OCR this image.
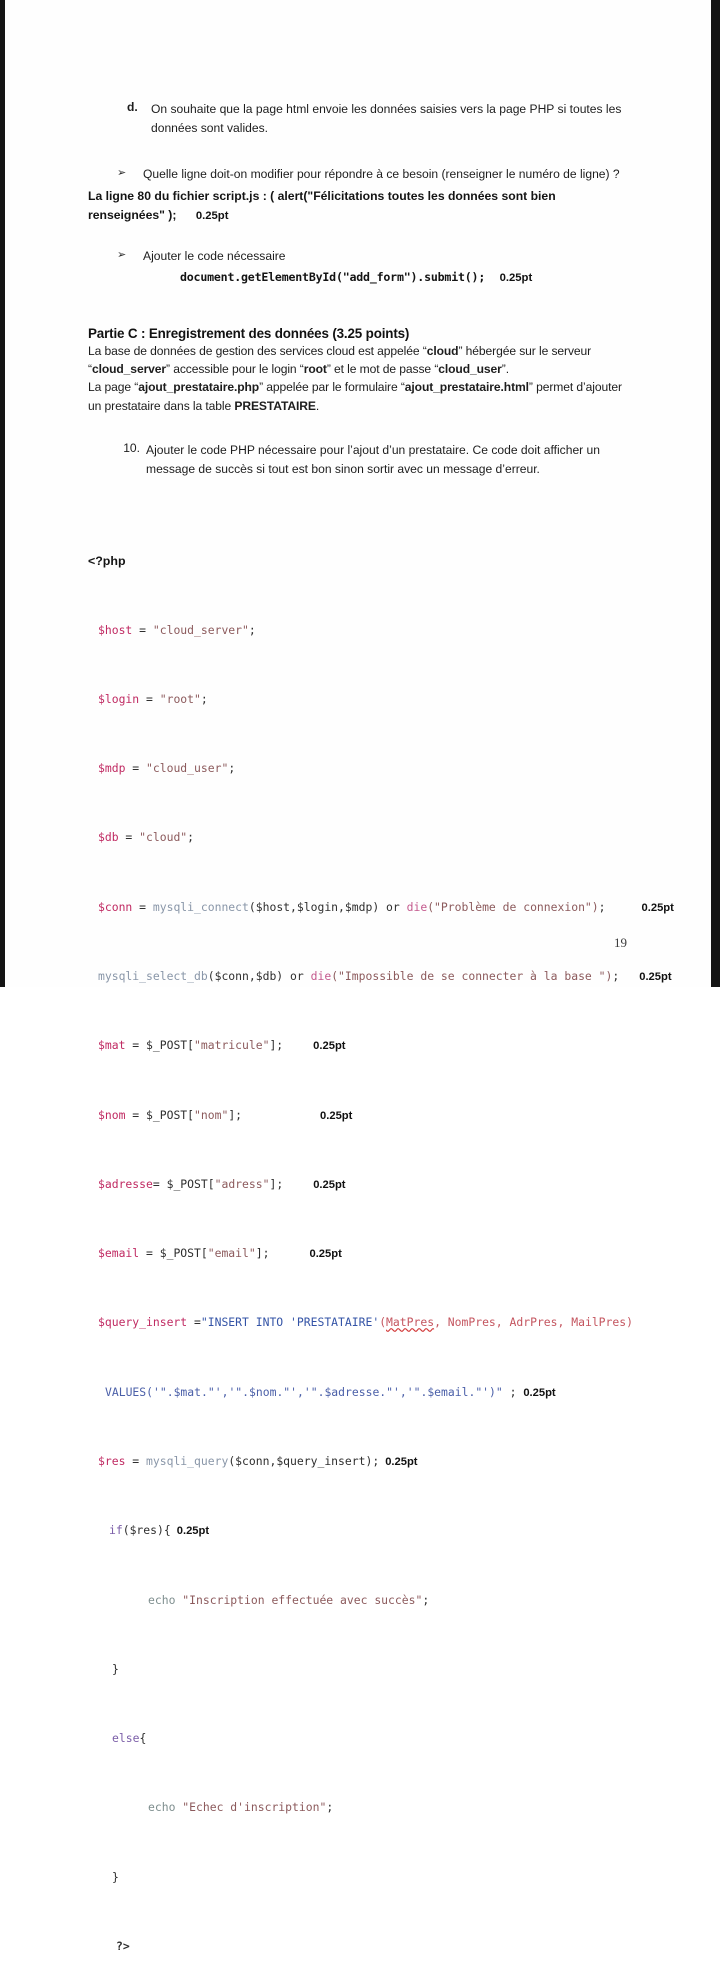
d.	On souhaite que la page html envoie les données saisies vers la page PHP si toutes les données sont valides.
➢	Quelle ligne doit-on modifier pour répondre à ce besoin (renseigner le numéro de ligne) ?
La ligne 80 du fichier script.js : ( alert("Félicitations toutes les données sont bien renseignées" ); 0.25pt
➢	Ajouter le code nécessaire
document.getElementById("add_form").submit(); 0.25pt
Partie C : Enregistrement des données (3.25 points)
La base de données de gestion des services cloud est appelée “cloud” hébergée sur le serveur “cloud_server” accessible pour le login “root” et le mot de passe “cloud_user”.
La page “ajout_prestataire.php” appelée par le formulaire “ajout_prestataire.html” permet d’ajouter un prestataire dans la table PRESTATAIRE.
10. Ajouter le code PHP nécessaire pour l’ajout d’un prestataire. Ce code doit afficher un message de succès si tout est bon sinon sortir avec un message d’erreur.

<?php

$host = "cloud_server";

$login = "root";

$mdp = "cloud_user";

$db = "cloud";

$conn = mysqli_connect($host,$login,$mdp) or die("Problème de connexion");	0.25pt

mysqli_select_db($conn,$db) or die("Impossible de se connecter à la base "); 0.25pt

$mat = $_POST["matricule"];	0.25pt

$nom = $_POST["nom"];	0.25pt

$adresse= $_POST["adress"];	0.25pt

$email = $_POST["email"];	0.25pt

$query_insert ="INSERT INTO 'PRESTATAIRE'(MatPres, NomPres, AdrPres, MailPres)

VALUES('".$mat."','".$nom."','".$adresse."','".$email."')" ; 0.25pt

$res = mysqli_query($conn,$query_insert); 0.25pt

if($res){ 0.25pt

echo "Inscription effectuée avec succès";

}

else{

echo "Echec d'inscription";

}

?>

19
